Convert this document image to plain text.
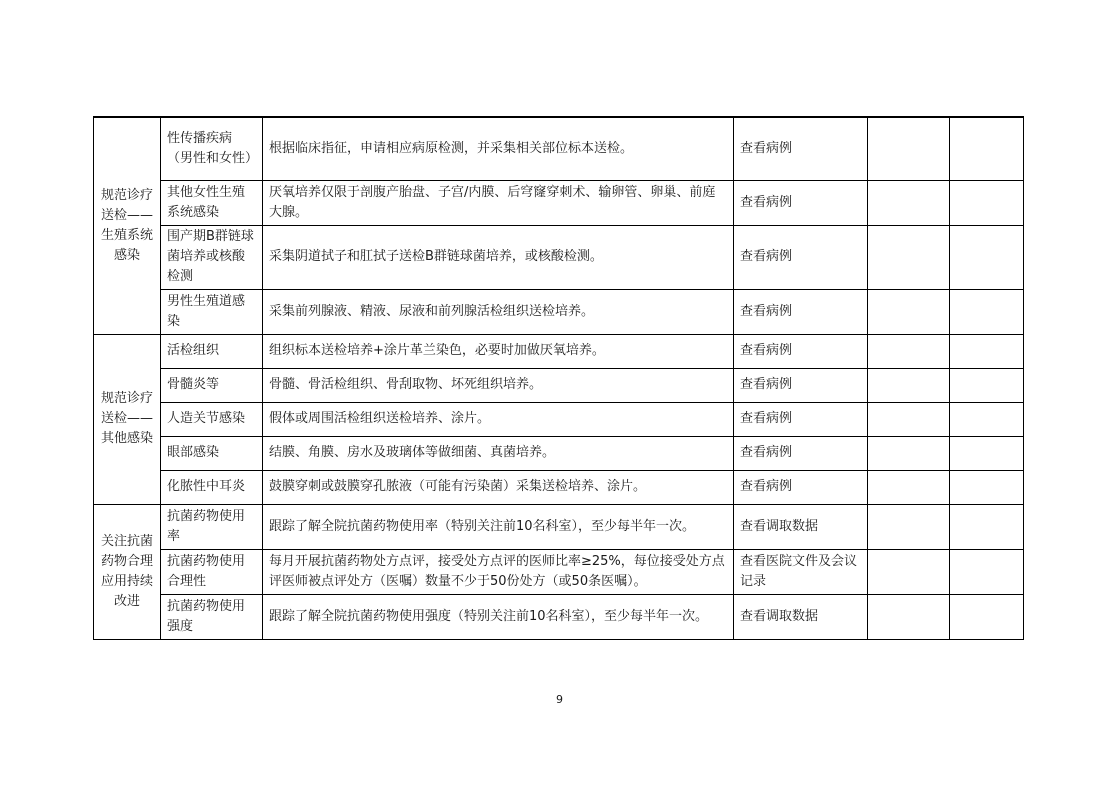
规范诊疗送检——生殖系统感染	性传播疾病（男性和女性）	根据临床指征，申请相应病原检测，并采集相关部位标本送检。	查看病例		
	其他女性生殖系统感染	厌氧培养仅限于剖腹产胎盘、子宫/内膜、后穹窿穿刺术、输卵管、卵巢、前庭大腺。	查看病例		
	围产期B群链球菌培养或核酸检测	采集阴道拭子和肛拭子送检B群链球菌培养，或核酸检测。	查看病例		
	男性生殖道感染	采集前列腺液、精液、尿液和前列腺活检组织送检培养。	查看病例		
规范诊疗送检——其他感染	活检组织	组织标本送检培养+涂片革兰染色，必要时加做厌氧培养。	查看病例		
	骨髓炎等	骨髓、骨活检组织、骨刮取物、坏死组织培养。	查看病例		
	人造关节感染	假体或周围活检组织送检培养、涂片。	查看病例		
	眼部感染	结膜、角膜、房水及玻璃体等做细菌、真菌培养。	查看病例		
	化脓性中耳炎	鼓膜穿刺或鼓膜穿孔脓液（可能有污染菌）采集送检培养、涂片。	查看病例		
关注抗菌药物合理应用持续改进	抗菌药物使用率	跟踪了解全院抗菌药物使用率（特别关注前10名科室），至少每半年一次。	查看调取数据		
	抗菌药物使用合理性	每月开展抗菌药物处方点评，接受处方点评的医师比率≥25%，每位接受处方点评医师被点评处方（医嘱）数量不少于50份处方（或50条医嘱）。	查看医院文件及会议记录		
	抗菌药物使用强度	跟踪了解全院抗菌药物使用强度（特别关注前10名科室），至少每半年一次。	查看调取数据		
9
